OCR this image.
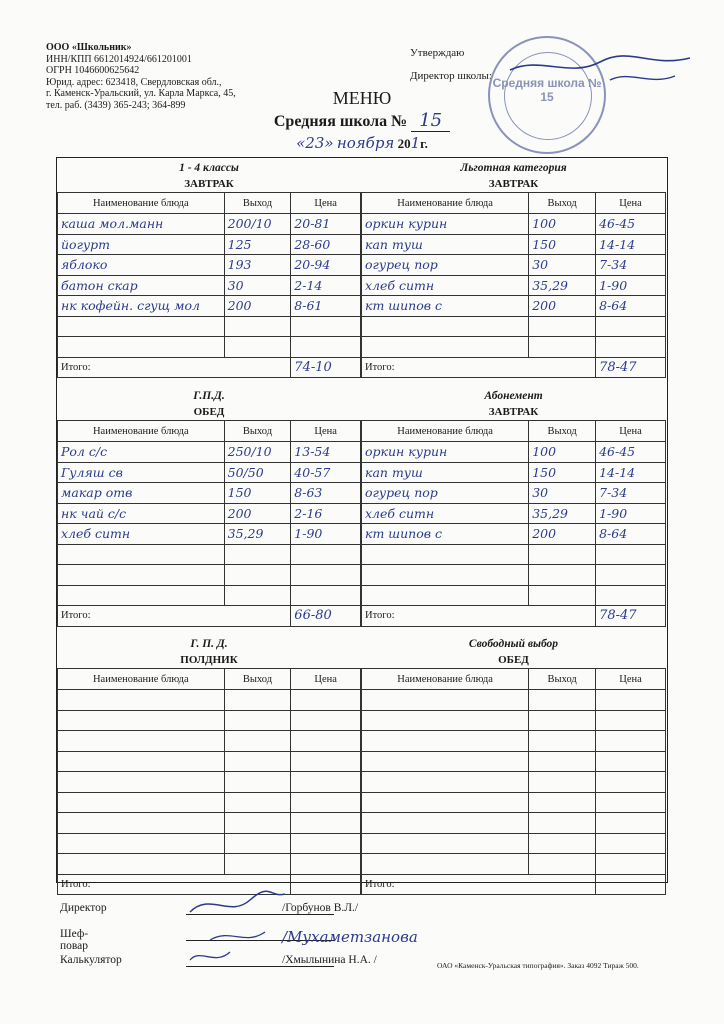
ООО «Школьник»
ИНН/КПП 6612014924/661201001
ОГРН 1046600625642
Юрид. адрес: 623418, Свердловская обл.,
г. Каменск-Уральский, ул. Карла Маркса, 45,
тел. раб. (3439) 365-243; 364-899
Утверждаю
Директор школы: Средняя школа № 15
МЕНЮ
Средняя школа № 15
«23» ноября 201г.
1 - 4 классы
ЗАВТРАК
Наименование блюда	Выход	Цена
каша мол.манн	200/10	20-81
йогурт	125	28-60
яблоко	193	20-94
батон скар	30	2-14
нк кофейн. сгущ мол	200	8-61

Итого:		74-10
Льготная категория
ЗАВТРАК
Наименование блюда	Выход	Цена
оркин курин	100	46-45
кап туш	150	14-14
огурец пор	30	7-34
хлеб ситн	35,29	1-90
кт шипов с	200	8-64

Итого:		78-47
Г.П.Д.
ОБЕД
Наименование блюда	Выход	Цена
Рол с/с	250/10	13-54
Гуляш св	50/50	40-57
макар отв	150	8-63
нк чай с/с	200	2-16
хлеб ситн	35,29	1-90

Итого:		66-80
Абонемент
ЗАВТРАК
Наименование блюда	Выход	Цена
оркин курин	100	46-45
кап туш	150	14-14
огурец пор	30	7-34
хлеб ситн	35,29	1-90
кт шипов с	200	8-64

Итого:		78-47
Г. П. Д.
ПОЛДНИК
Наименование блюда	Выход	Цена

Итого:		
Свободный выбор
ОБЕД
Наименование блюда	Выход	Цена

Итого:		
Директор	/Горбунов В.Л./
Шеф-повар	/Мухаметзанова
Калькулятор	/Хмылынина Н.А. /	ОАО «Каменск-Уральская типография». Заказ 4092 Тираж 500.
